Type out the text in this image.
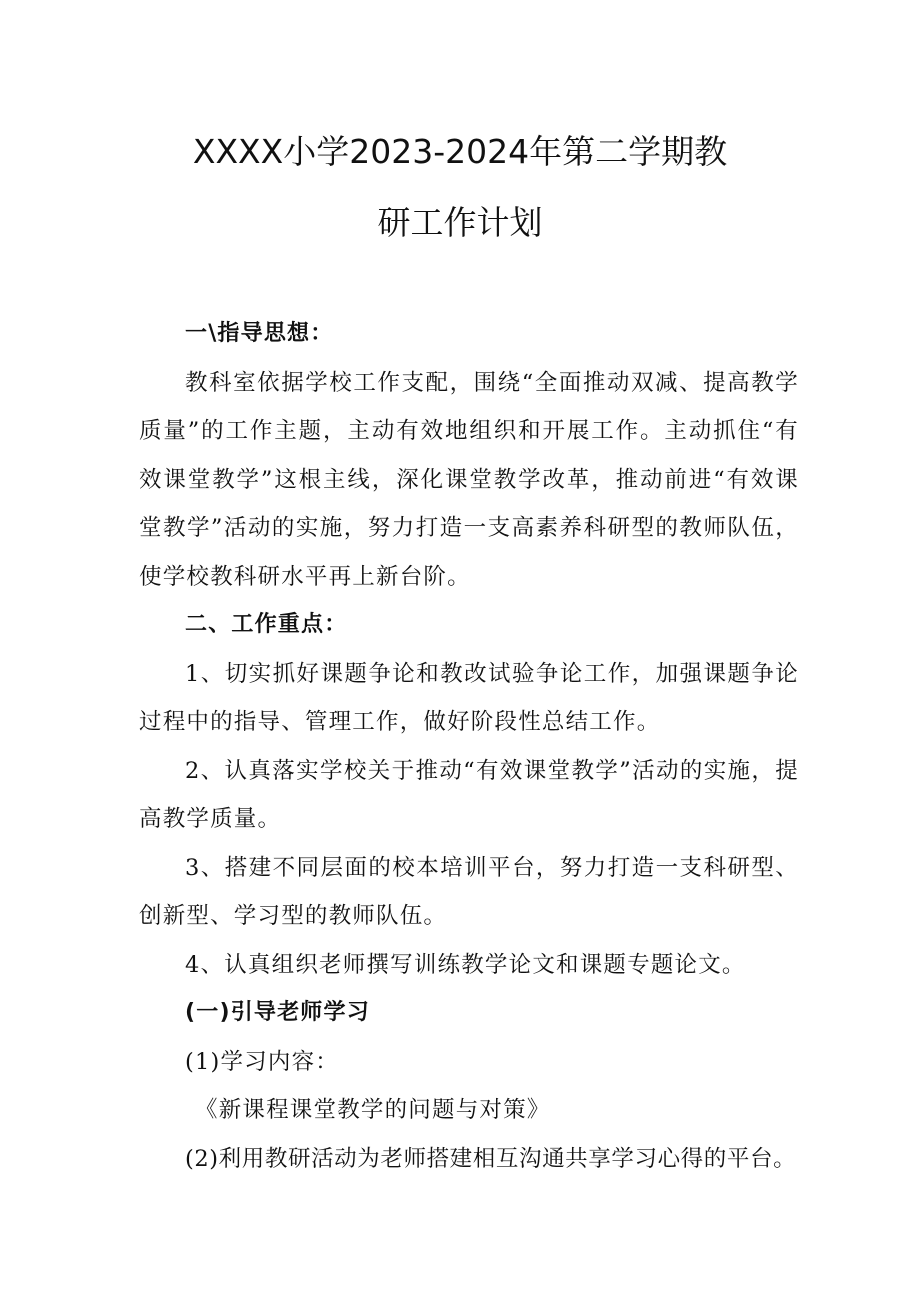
XXXX小学2023-2024年第二学期教
研工作计划

一\指导思想：

教科室依据学校工作支配，围绕“全面推动双减、提高教学质量”的工作主题，主动有效地组织和开展工作。主动抓住“有效课堂教学”这根主线，深化课堂教学改革，推动前进“有效课堂教学”活动的实施，努力打造一支高素养科研型的教师队伍，使学校教科研水平再上新台阶。

二、工作重点：

1、切实抓好课题争论和教改试验争论工作，加强课题争论过程中的指导、管理工作，做好阶段性总结工作。

2、认真落实学校关于推动“有效课堂教学”活动的实施，提高教学质量。

3、搭建不同层面的校本培训平台，努力打造一支科研型、创新型、学习型的教师队伍。

4、认真组织老师撰写训练教学论文和课题专题论文。

(一)引导老师学习

(1)学习内容：

《新课程课堂教学的问题与对策》

(2)利用教研活动为老师搭建相互沟通共享学习心得的平台。
